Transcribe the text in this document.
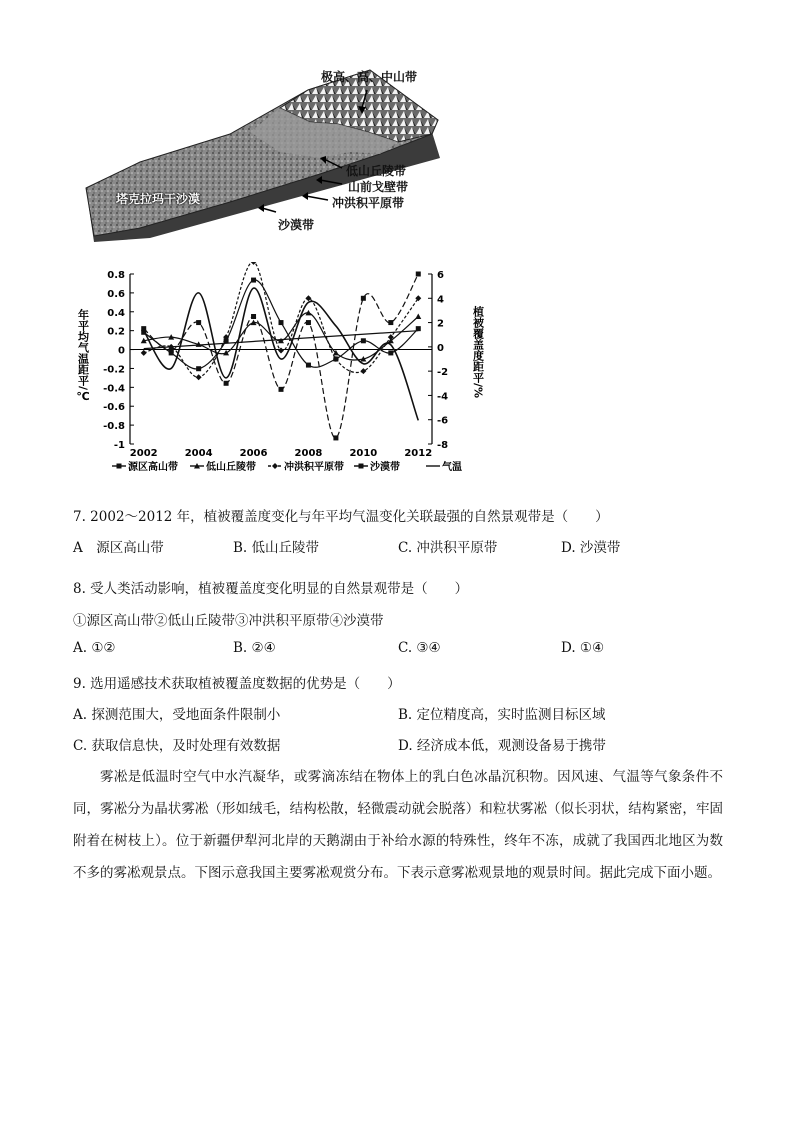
极高、高、中山带
低山丘陵带
山前戈壁带
冲洪积平原带
沙漠带
塔克拉玛干沙漠
0.8
0.6
0.4
0.2
0
-0.2
-0.4
-0.6
-0.8
-1
6
4
2
0
-2
-4
-6
-8
2002	2004	2006	2008	2010	2012
年平均气温距平/℃	植被覆盖度距平/%
源区高山带	低山丘陵带	冲洪积平原带	沙漠带	气温
7. 2002～2012 年，植被覆盖度变化与年平均气温变化关联最强的自然景观带是（　　）
A　源区高山带	B. 低山丘陵带	C. 冲洪积平原带	D. 沙漠带
8. 受人类活动影响，植被覆盖度变化明显的自然景观带是（　　）
①源区高山带②低山丘陵带③冲洪积平原带④沙漠带
A. ①②	B. ②④	C. ③④	D. ①④
9. 选用遥感技术获取植被覆盖度数据的优势是（　　）
A. 探测范围大，受地面条件限制小	B. 定位精度高，实时监测目标区域
C. 获取信息快，及时处理有效数据	D. 经济成本低，观测设备易于携带
雾凇是低温时空气中水汽凝华，或雾滴冻结在物体上的乳白色冰晶沉积物。因风速、气温等气象条件不同，雾凇分为晶状雾凇（形如绒毛，结构松散，轻微震动就会脱落）和粒状雾凇（似长羽状，结构紧密，牢固附着在树枝上）。位于新疆伊犁河北岸的天鹅湖由于补给水源的特殊性，终年不冻，成就了我国西北地区为数不多的雾凇观景点。下图示意我国主要雾凇观赏分布。下表示意雾凇观景地的观景时间。据此完成下面小题。
